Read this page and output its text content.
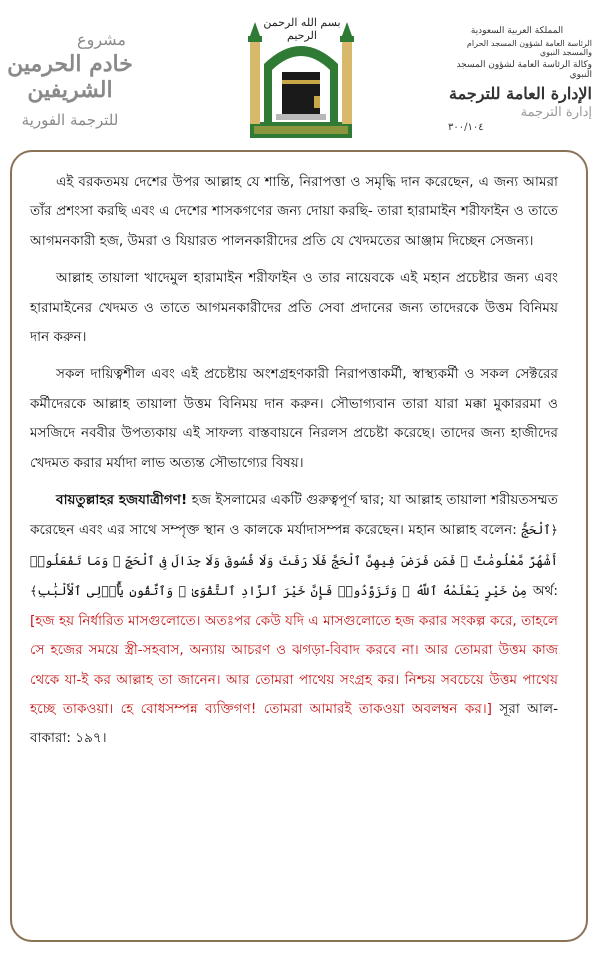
مشروع
خادم الحرمين الشريفين
للترجمة الفورية
بسم الله الرحمن الرحيم	المملكة العربية السعودية
الرئاسة العامة لشؤون المسجد الحرام والمسجد النبوي
وكالة الرئاسة العامة لشؤون المسجد النبوي
الإدارة العامة للترجمة
إدارة الترجمة
٣٠٠/١٠٤

এই বরকতময় দেশের উপর আল্লাহ যে শান্তি, নিরাপত্তা ও সমৃদ্ধি দান করেছেন, এ জন্য আমরা তাঁর প্রশংসা করছি এবং এ দেশের শাসকগণের জন্য দোয়া করছি- তারা হারামাইন শরীফাইন ও তাতে আগমনকারী হজ, উমরা ও যিয়ারত পালনকারীদের প্রতি যে খেদমতের আঞ্জাম দিচ্ছেন সেজন্য।

আল্লাহ তায়ালা খাদেমুল হারামাইন শরীফাইন ও তার নায়েবকে এই মহান প্রচেষ্টার জন্য এবং হারামাইনের খেদমত ও তাতে আগমনকারীদের প্রতি সেবা প্রদানের জন্য তাদেরকে উত্তম বিনিময় দান করুন।

সকল দায়িত্বশীল এবং এই প্রচেষ্টায় অংশগ্রহণকারী নিরাপত্তাকর্মী, স্বাস্থ্যকর্মী ও সকল সেক্টরের কর্মীদেরকে আল্লাহ তায়ালা উত্তম বিনিময় দান করুন। সৌভাগ্যবান তারা যারা মক্কা মুকাররমা ও মসজিদে নববীর উপত্যকায় এই সাফল্য বাস্তবায়নে নিরলস প্রচেষ্টা করেছে। তাদের জন্য হাজীদের খেদমত করার মর্যাদা লাভ অত্যন্ত সৌভাগ্যের বিষয়।

বায়তুল্লাহর হজযাত্রীগণ! হজ ইসলামের একটি গুরুত্বপূর্ণ দ্বার; যা আল্লাহ তায়ালা শরীয়তসম্মত করেছেন এবং এর সাথে সম্পৃক্ত স্থান ও কালকে মর্যাদাসম্পন্ন করেছেন। মহান আল্লাহ বলেন: ﴿ٱلْحَجُّ أَشْهُرٌ مَّعْلُومَٰتٌ ۚ فَمَن فَرَضَ فِيهِنَّ ٱلْحَجَّ فَلَا رَفَثَ وَلَا فُسُوقَ وَلَا جِدَالَ فِى ٱلْحَجِّ ۗ وَمَا تَفْعَلُوا۟ مِنْ خَيْرٍ يَعْلَمْهُ ٱللَّهُ ۗ وَتَزَوَّدُوا۟ فَإِنَّ خَيْرَ ٱلزَّادِ ٱلتَّقْوَىٰ ۚ وَٱتَّقُونِ يَٰٓأُو۟لِى ٱلْأَلْبَٰبِ﴾ অর্থ: [হজ হয় নির্ধারিত মাসগুলোতে। অতঃপর কেউ যদি এ মাসগুলোতে হজ করার সংকল্প করে, তাহলে সে হজের সময়ে স্ত্রী-সহবাস, অন্যায় আচরণ ও ঝগড়া-বিবাদ করবে না। আর তোমরা উত্তম কাজ থেকে যা-ই কর আল্লাহ তা জানেন। আর তোমরা পাথেয় সংগ্রহ কর। নিশ্চয় সবচেয়ে উত্তম পাথেয় হচ্ছে তাকওয়া। হে বোধসম্পন্ন ব্যক্তিগণ! তোমরা আমারই তাকওয়া অবলম্বন কর।] সূরা আল-বাকারা: ১৯৭।
